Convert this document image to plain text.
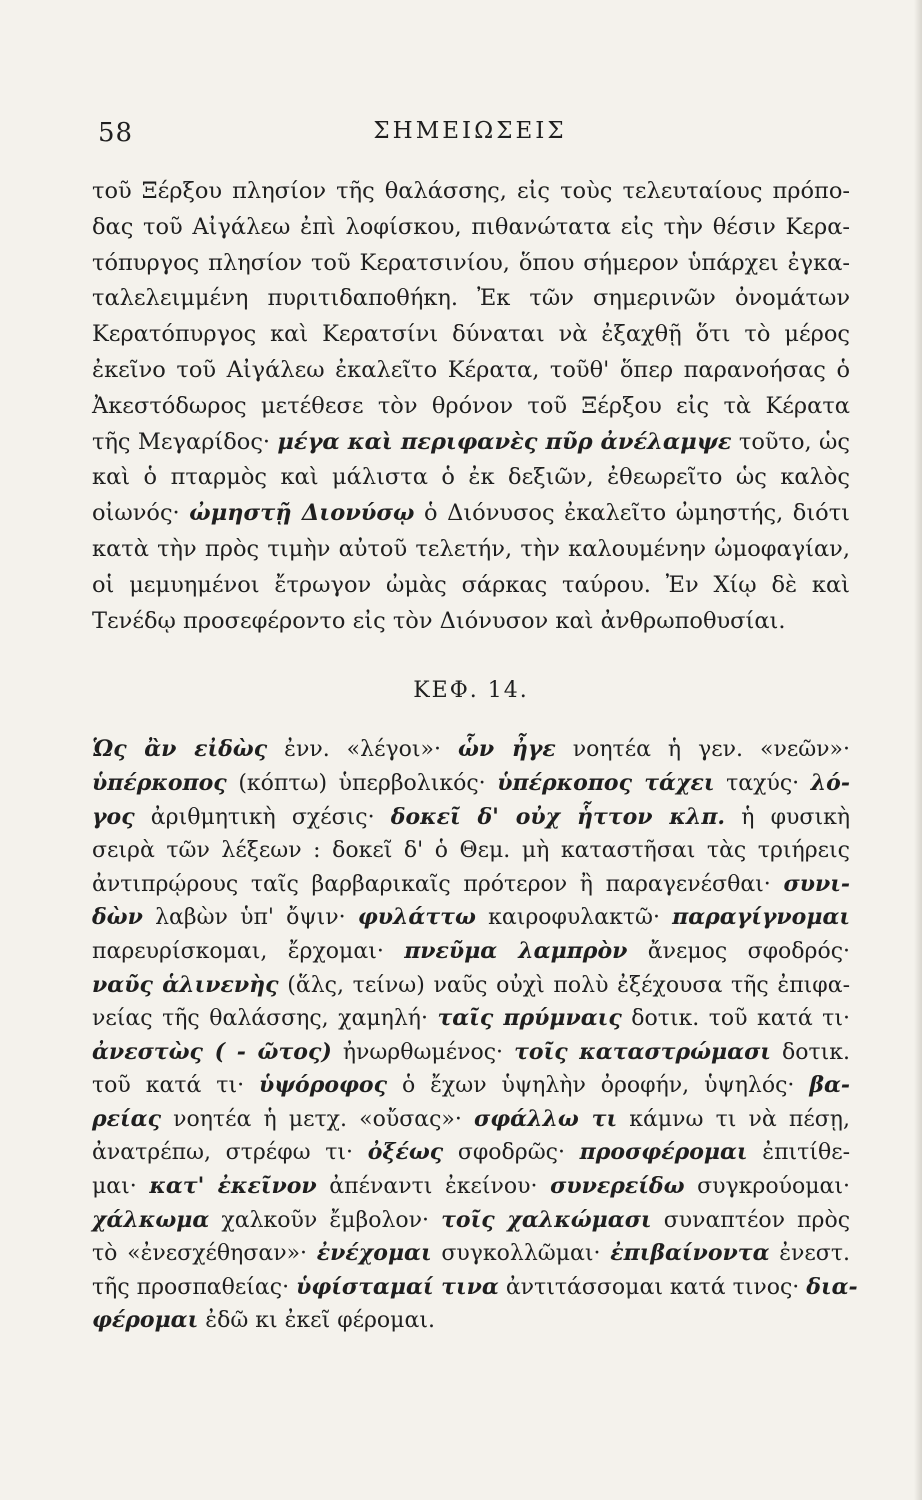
58	ΣΗΜΕΙΩΣΕΙΣ
τοῦ Ξέρξου πλησίον τῆς θαλάσσης, εἰς τοὺς τελευταίους πρόπο-
δας τοῦ Αἰγάλεω ἐπὶ λοφίσκου, πιθανώτατα εἰς τὴν θέσιν Κερα-
τόπυργος πλησίον τοῦ Κερατσινίου, ὅπου σήμερον ὑπάρχει ἐγκα-
ταλελειμμένη πυριτιδαποθήκη. Ἐκ τῶν σημερινῶν ὀνομάτων
Κερατόπυργος καὶ Κερατσίνι δύναται νὰ ἐξαχθῇ ὅτι τὸ μέρος
ἐκεῖνο τοῦ Αἰγάλεω ἐκαλεῖτο Κέρατα, τοῦθ' ὅπερ παρανοήσας ὁ
Ἀκεστόδωρος μετέθεσε τὸν θρόνον τοῦ Ξέρξου εἰς τὰ Κέρατα
τῆς Μεγαρίδος· μέγα καὶ περιφανὲς πῦρ ἀνέλαμψε τοῦτο, ὡς
καὶ ὁ πταρμὸς καὶ μάλιστα ὁ ἐκ δεξιῶν, ἐθεωρεῖτο ὡς καλὸς
οἰωνός· ὠμηστῇ Διονύσῳ ὁ Διόνυσος ἐκαλεῖτο ὠμηστής, διότι
κατὰ τὴν πρὸς τιμὴν αὐτοῦ τελετήν, τὴν καλουμένην ὠμοφαγίαν,
οἱ μεμυημένοι ἔτρωγον ὠμὰς σάρκας ταύρου. Ἐν Χίῳ δὲ καὶ
Τενέδῳ προσεφέροντο εἰς τὸν Διόνυσον καὶ ἀνθρωποθυσίαι.
ΚΕΦ. 14.
Ὡς ἂν εἰδὼς ἐνν. «λέγοι»· ὧν ἦγε νοητέα ἡ γεν. «νεῶν»·
ὑπέρκοπος (κόπτω) ὑπερβολικός· ὑπέρκοπος τάχει ταχύς· λό-
γος ἀριθμητικὴ σχέσις· δοκεῖ δ' οὐχ ἧττον κλπ. ἡ φυσικὴ
σειρὰ τῶν λέξεων : δοκεῖ δ' ὁ Θεμ. μὴ καταστῆσαι τὰς τριήρεις
ἀντιπρῴρους ταῖς βαρβαρικαῖς πρότερον ἢ παραγενέσθαι· συνι-
δὼν λαβὼν ὑπ' ὄψιν· φυλάττω καιροφυλακτῶ· παραγίγνομαι
παρευρίσκομαι, ἔρχομαι· πνεῦμα λαμπρὸν ἄνεμος σφοδρός·
ναῦς ἁλινενὴς (ἅλς, τείνω) ναῦς οὐχὶ πολὺ ἐξέχουσα τῆς ἐπιφα-
νείας τῆς θαλάσσης, χαμηλή· ταῖς πρύμναις δοτικ. τοῦ κατά τι·
ἀνεστὼς ( - ῶτος) ἠνωρθωμένος· τοῖς καταστρώμασι δοτικ.
τοῦ κατά τι· ὑψόροφος ὁ ἔχων ὑψηλὴν ὀροφήν, ὑψηλός· βα-
ρείας νοητέα ἡ μετχ. «οὔσας»· σφάλλω τι κάμνω τι νὰ πέσῃ,
ἀνατρέπω, στρέφω τι· ὀξέως σφοδρῶς· προσφέρομαι ἐπιτίθε-
μαι· κατ' ἐκεῖνον ἀπέναντι ἐκείνου· συνερείδω συγκρούομαι·
χάλκωμα χαλκοῦν ἔμβολον· τοῖς χαλκώμασι συναπτέον πρὸς
τὸ «ἐνεσχέθησαν»· ἐνέχομαι συγκολλῶμαι· ἐπιβαίνοντα ἐνεστ.
τῆς προσπαθείας· ὑφίσταμαί τινα ἀντιτάσσομαι κατά τινος· δια-
φέρομαι ἐδῶ κι ἐκεῖ φέρομαι.
